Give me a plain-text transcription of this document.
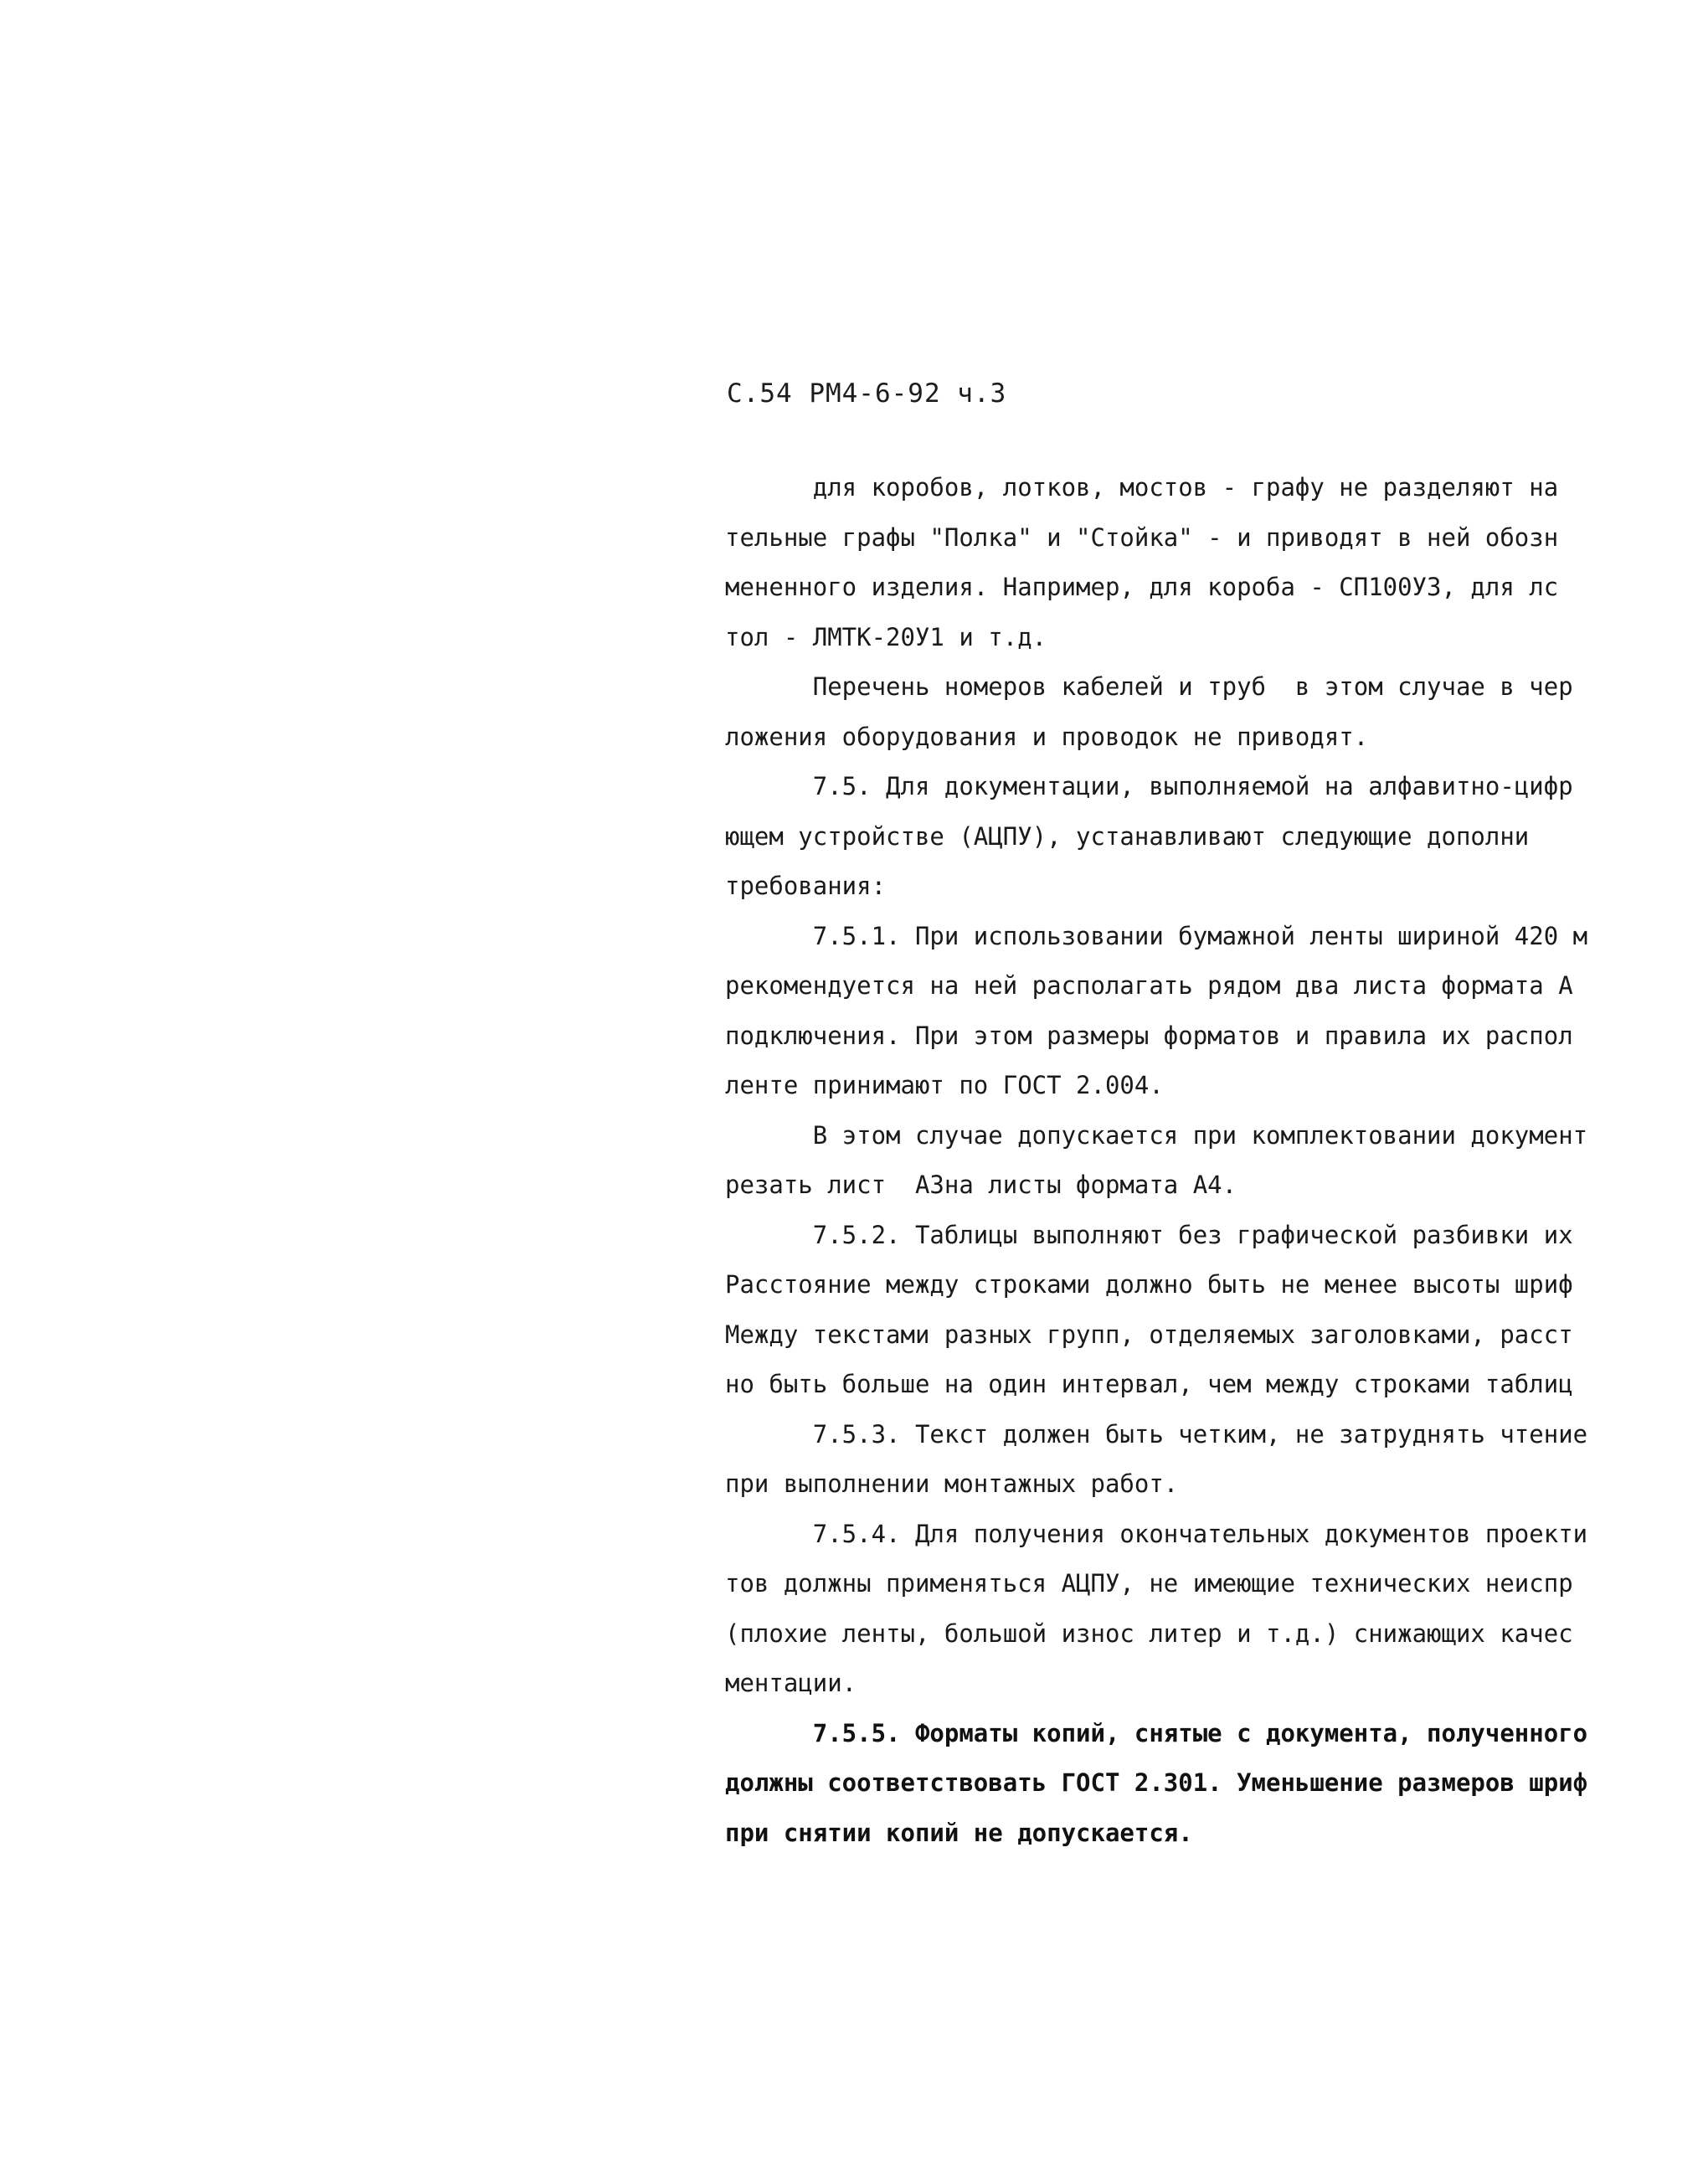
С.54 РМ4-6-92 ч.3
для коробов, лотков, мостов - графу не разделяют на
тельные графы "Полка" и "Стойка" - и приводят в ней обозн
мененного изделия. Например, для короба - СП100УЗ, для лс
тол - ЛМТК-20У1 и т.д.
Перечень номеров кабелей и труб  в этом случае в чер
ложения оборудования и проводок не приводят.
7.5. Для документации, выполняемой на алфавитно-цифр
ющем устройстве (АЦПУ), устанавливают следующие дополни
требования:
7.5.1. При использовании бумажной ленты шириной 420 м
рекомендуется на ней располагать рядом два листа формата А
подключения. При этом размеры форматов и правила их распол
ленте принимают по ГОСТ 2.004.
В этом случае допускается при комплектовании документ
резать лист  А3на листы формата А4.
7.5.2. Таблицы выполняют без графической разбивки их
Расстояние между строками должно быть не менее высоты шриф
Между текстами разных групп, отделяемых заголовками, расст
но быть больше на один интервал, чем между строками таблиц
7.5.3. Текст должен быть четким, не затруднять чтение
при выполнении монтажных работ.
7.5.4. Для получения окончательных документов проекти
тов должны применяться АЦПУ, не имеющие технических неиспр
(плохие ленты, большой износ литер и т.д.) снижающих качес
ментации.
7.5.5. Форматы копий, снятые с документа, полученного
должны соответствовать ГОСТ 2.301. Уменьшение размеров шриф
при снятии копий не допускается.
